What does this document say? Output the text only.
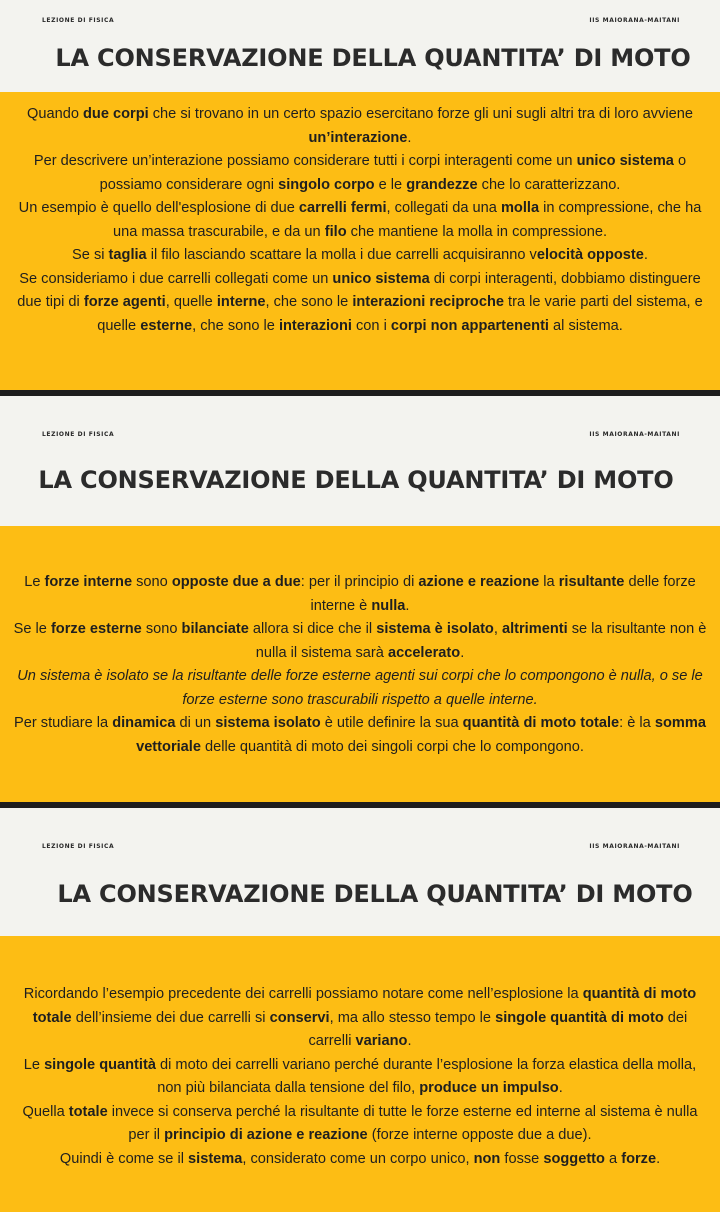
LEZIONE DI FISICA	IIS MAIORANA-MAITANI
LA CONSERVAZIONE DELLA QUANTITA’ DI MOTO
Quando due corpi che si trovano in un certo spazio esercitano forze gli uni sugli altri tra di loro avviene un’interazione.
Per descrivere un’interazione possiamo considerare tutti i corpi interagenti come un unico sistema o possiamo considerare ogni singolo corpo e le grandezze che lo caratterizzano.
Un esempio è quello dell'esplosione di due carrelli fermi, collegati da una molla in compressione, che ha una massa trascurabile, e da un filo che mantiene la molla in compressione.
Se si taglia il filo lasciando scattare la molla i due carrelli acquisiranno velocità opposte.
Se consideriamo i due carrelli collegati come un unico sistema di corpi interagenti, dobbiamo distinguere due tipi di forze agenti, quelle interne, che sono le interazioni reciproche tra le varie parti del sistema, e quelle esterne, che sono le interazioni con i corpi non appartenenti al sistema.
LEZIONE DI FISICA	IIS MAIORANA-MAITANI
LA CONSERVAZIONE DELLA QUANTITA’ DI MOTO
Le forze interne sono opposte due a due: per il principio di azione e reazione la risultante delle forze interne è nulla.
Se le forze esterne sono bilanciate allora si dice che il sistema è isolato, altrimenti se la risultante non è nulla il sistema sarà accelerato.
Un sistema è isolato se la risultante delle forze esterne agenti sui corpi che lo compongono è nulla, o se le forze esterne sono trascurabili rispetto a quelle interne.
Per studiare la dinamica di un sistema isolato è utile definire la sua quantità di moto totale: è la somma vettoriale delle quantità di moto dei singoli corpi che lo compongono.
LEZIONE DI FISICA	IIS MAIORANA-MAITANI
LA CONSERVAZIONE DELLA QUANTITA’ DI MOTO
Ricordando l’esempio precedente dei carrelli possiamo notare come nell’esplosione la quantità di moto totale dell’insieme dei due carrelli si conservi, ma allo stesso tempo le singole quantità di moto dei carrelli variano.
Le singole quantità di moto dei carrelli variano perché durante l’esplosione la forza elastica della molla, non più bilanciata dalla tensione del filo, produce un impulso.
Quella totale invece si conserva perché la risultante di tutte le forze esterne ed interne al sistema è nulla per il principio di azione e reazione (forze interne opposte due a due).
Quindi è come se il sistema, considerato come un corpo unico, non fosse soggetto a forze.
